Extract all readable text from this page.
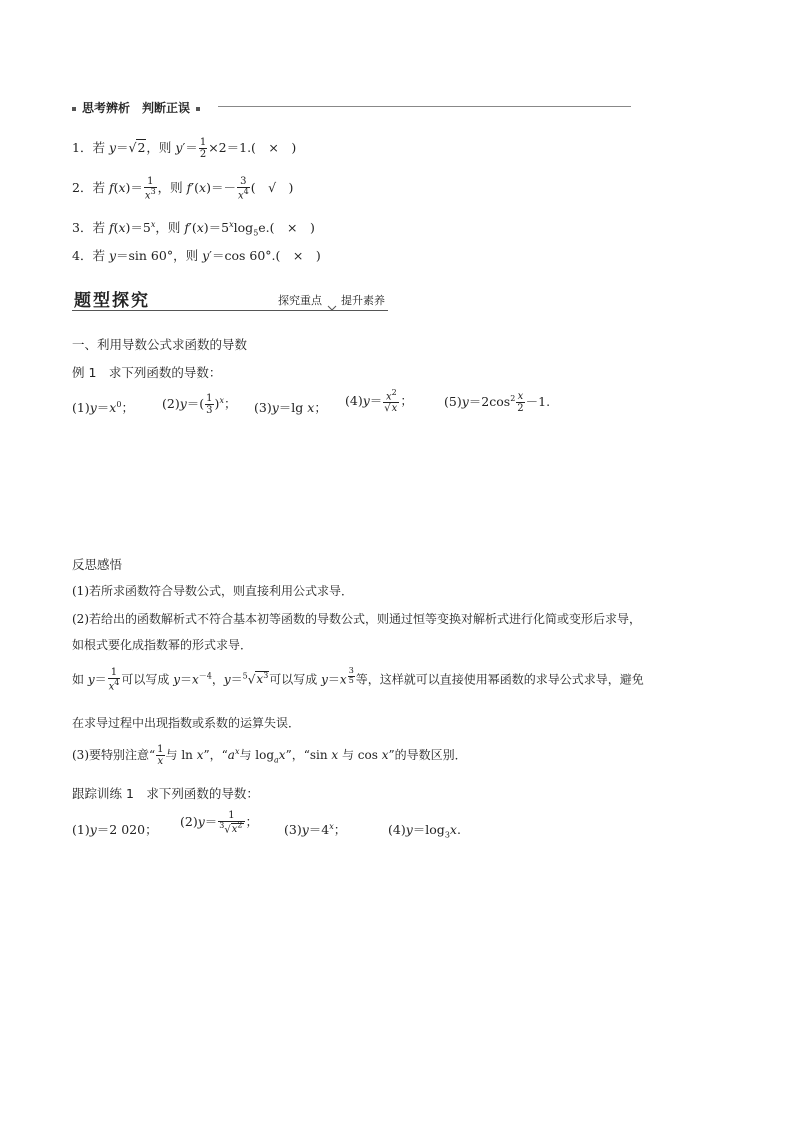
思考辨析　判断正误
1．若 y＝√2，则 $y'= \frac{1}{2} \times 2=1$.(　×　)
2．若 $f(x)= \frac{1}{x^3}$ ，则 $f'(x)=- \frac{3}{x^4}$ (　√　)
3．若 $f(x)=5^x$，则 $f'(x)=5^x\log_5e$.(　×　)
4．若 y＝sin 60°，则 y′＝cos 60°.(　×　)
题型探究	探究重点 提升素养
一、利用导数公式求函数的导数
例 1　求下列函数的导数：
$(1)y=x^0$； $(2)y=( \frac{1}{3} )^x$； (3)y＝lg x； $(4)y= \frac{x^2}{√x}$ ； $(5)y=2\cos^2 \frac{x}{2} -1$.
反思感悟
(1)若所求函数符合导数公式，则直接利用公式求导．
(2)若给出的函数解析式不符合基本初等函数的导数公式，则通过恒等变换对解析式进行化简或变形后求导，
如根式要化成指数幂的形式求导．
如 $y= \frac{1}{x^4}$ 可以写成 $y=x^{-4}$，$y=^5√x^3$可以写成 y＝x $^{\frac{3}{5}}$ 等，这样就可以直接使用幂函数的求导公式求导，避免
在求导过程中出现指数或系数的运算失误．
(3)要特别注意“ $\frac{1}{x}$ 与 ln x”，“$a^x$与 $\log_ax$”，“sin x 与 cos x”的导数区别．
跟踪训练 1　求下列函数的导数：
(1)y＝2 020；
$(2)y= \frac{1}{^3√x^2}$ ；
$(3)y=4^x$；	$(4)y=\log_3x$.
